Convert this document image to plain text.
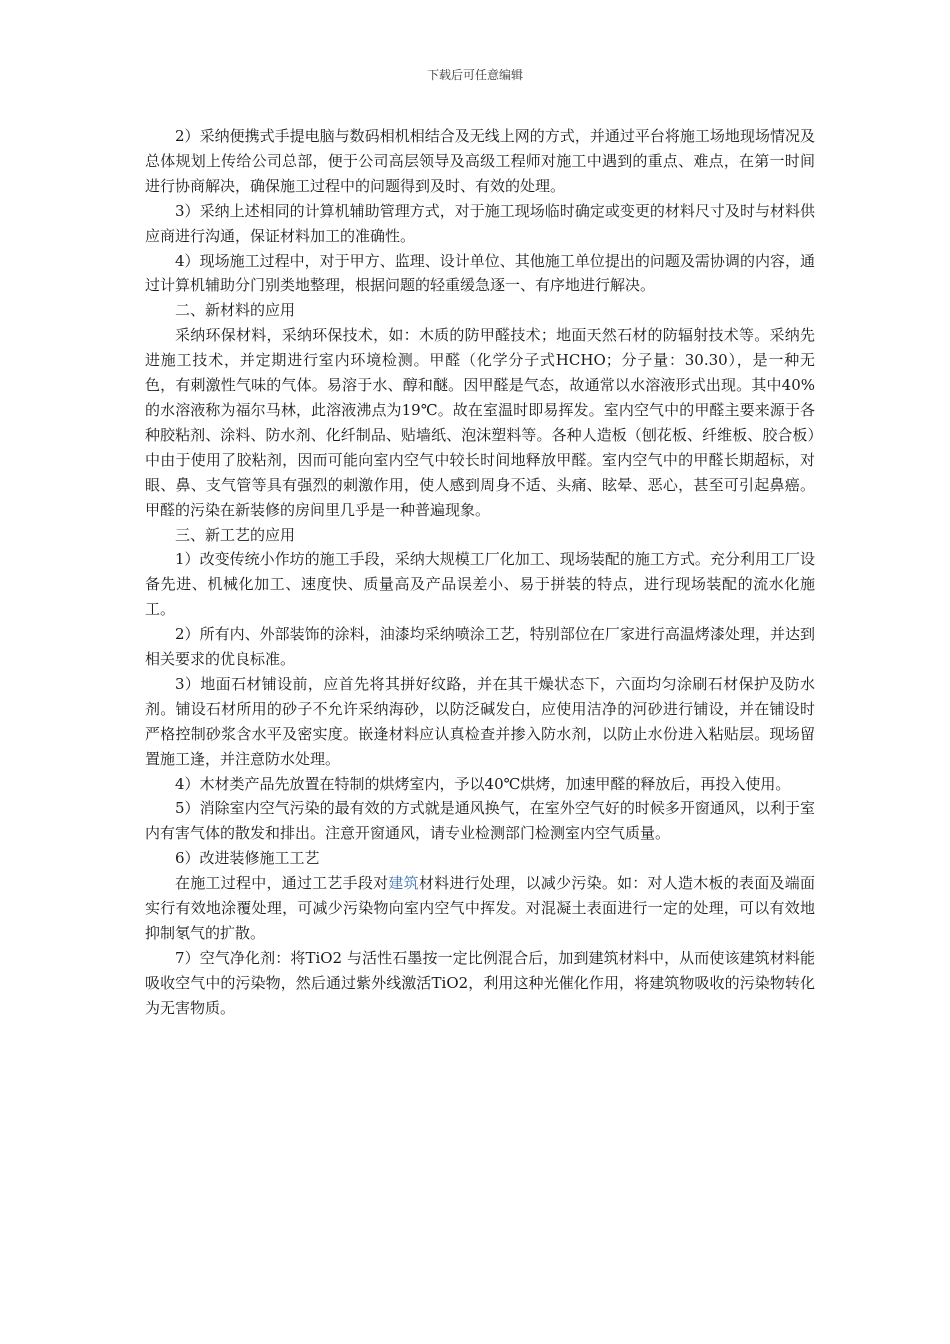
下载后可任意编辑

2）采纳便携式手提电脑与数码相机相结合及无线上网的方式，并通过平台将施工场地现场情况及总体规划上传给公司总部，便于公司高层领导及高级工程师对施工中遇到的重点、难点，在第一时间进行协商解决，确保施工过程中的问题得到及时、有效的处理。

3）采纳上述相同的计算机辅助管理方式，对于施工现场临时确定或变更的材料尺寸及时与材料供应商进行沟通，保证材料加工的准确性。

4）现场施工过程中，对于甲方、监理、设计单位、其他施工单位提出的问题及需协调的内容，通过计算机辅助分门别类地整理，根据问题的轻重缓急逐一、有序地进行解决。

二、新材料的应用

采纳环保材料，采纳环保技术，如：木质的防甲醛技术；地面天然石材的防辐射技术等。采纳先进施工技术，并定期进行室内环境检测。甲醛（化学分子式HCHO；分子量：30.30），是一种无色，有刺激性气味的气体。易溶于水、醇和醚。因甲醛是气态，故通常以水溶液形式出现。其中40%的水溶液称为福尔马林，此溶液沸点为19℃。故在室温时即易挥发。室内空气中的甲醛主要来源于各种胶粘剂、涂料、防水剂、化纤制品、贴墙纸、泡沫塑料等。各种人造板（刨花板、纤维板、胶合板）中由于使用了胶粘剂，因而可能向室内空气中较长时间地释放甲醛。室内空气中的甲醛长期超标，对眼、鼻、支气管等具有强烈的刺激作用，使人感到周身不适、头痛、眩晕、恶心，甚至可引起鼻癌。甲醛的污染在新装修的房间里几乎是一种普遍现象。

三、新工艺的应用

1）改变传统小作坊的施工手段，采纳大规模工厂化加工、现场装配的施工方式。充分利用工厂设备先进、机械化加工、速度快、质量高及产品误差小、易于拼装的特点，进行现场装配的流水化施工。

2）所有内、外部装饰的涂料，油漆均采纳喷涂工艺，特别部位在厂家进行高温烤漆处理，并达到相关要求的优良标准。

3）地面石材铺设前，应首先将其拼好纹路，并在其干燥状态下，六面均匀涂刷石材保护及防水剂。铺设石材所用的砂子不允许采纳海砂，以防泛碱发白，应使用洁净的河砂进行铺设，并在铺设时严格控制砂浆含水平及密实度。嵌逢材料应认真检查并掺入防水剂，以防止水份进入粘贴层。现场留置施工逢，并注意防水处理。

4）木材类产品先放置在特制的烘烤室内，予以40℃烘烤，加速甲醛的释放后，再投入使用。

5）消除室内空气污染的最有效的方式就是通风换气，在室外空气好的时候多开窗通风，以利于室内有害气体的散发和排出。注意开窗通风，请专业检测部门检测室内空气质量。

6）改进装修施工工艺

在施工过程中，通过工艺手段对建筑材料进行处理，以减少污染。如：对人造木板的表面及端面实行有效地涂覆处理，可减少污染物向室内空气中挥发。对混凝土表面进行一定的处理，可以有效地抑制氡气的扩散。

7）空气净化剂：将TiO2 与活性石墨按一定比例混合后，加到建筑材料中，从而使该建筑材料能吸收空气中的污染物，然后通过紫外线激活TiO2，利用这种光催化作用，将建筑物吸收的污染物转化为无害物质。
